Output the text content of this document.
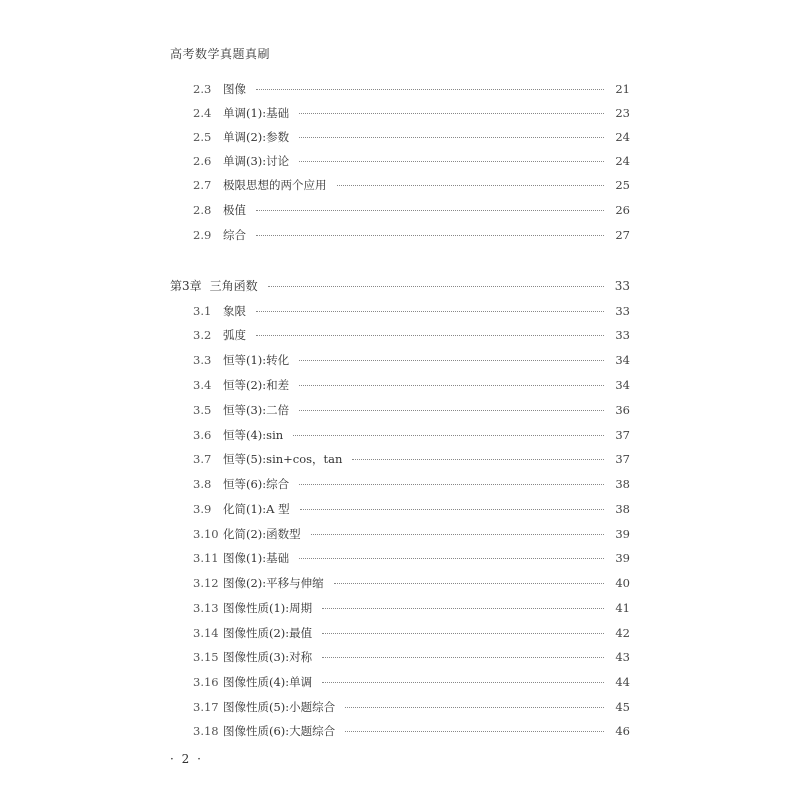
高考数学真题真刷
2.3	图像	21
2.4	单调(1):基础	23
2.5	单调(2):参数	24
2.6	单调(3):讨论	24
2.7	极限思想的两个应用	25
2.8	极值	26
2.9	综合	27
第3章 三角函数	33
3.1	象限	33
3.2	弧度	33
3.3	恒等(1):转化	34
3.4	恒等(2):和差	34
3.5	恒等(3):二倍	36
3.6	恒等(4):sin	37
3.7	恒等(5):sin+cos，tan	37
3.8	恒等(6):综合	38
3.9	化简(1):A 型	38
3.10 化简(2):函数型	39
3.11 图像(1):基础	39
3.12 图像(2):平移与伸缩	40
3.13 图像性质(1):周期	41
3.14 图像性质(2):最值	42
3.15 图像性质(3):对称	43
3.16 图像性质(4):单调	44
3.17 图像性质(5):小题综合	45
3.18 图像性质(6):大题综合	46
· 2 ·
